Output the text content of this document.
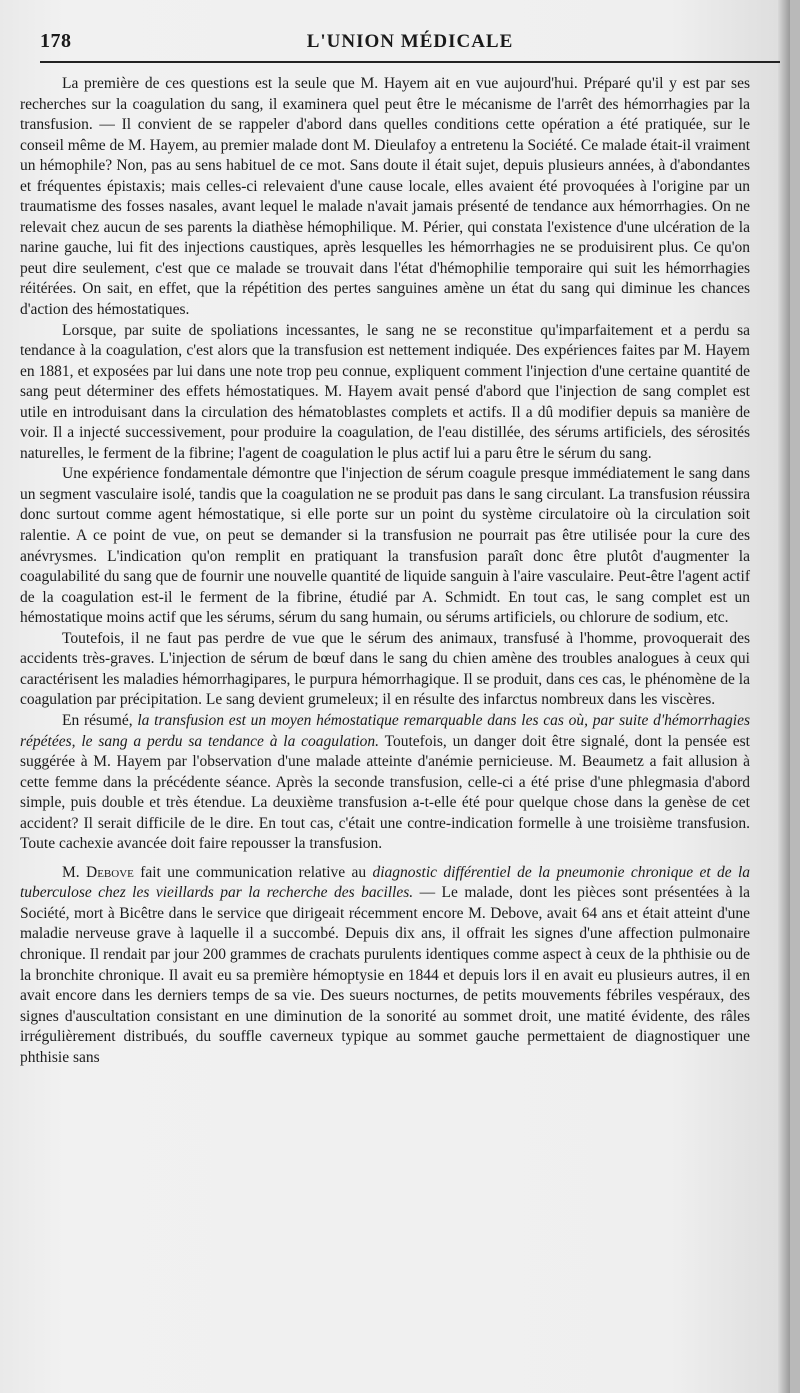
178	L'UNION MÉDICALE

La première de ces questions est la seule que M. Hayem ait en vue aujourd'hui. Préparé qu'il y est par ses recherches sur la coagulation du sang, il examinera quel peut être le mécanisme de l'arrêt des hémorrhagies par la transfusion. — Il convient de se rappeler d'abord dans quelles conditions cette opération a été pratiquée, sur le conseil même de M. Hayem, au premier malade dont M. Dieulafoy a entretenu la Société. Ce malade était-il vraiment un hémophile? Non, pas au sens habituel de ce mot. Sans doute il était sujet, depuis plusieurs années, à d'abondantes et fréquentes épistaxis; mais celles-ci relevaient d'une cause locale, elles avaient été provoquées à l'origine par un traumatisme des fosses nasales, avant lequel le malade n'avait jamais présenté de tendance aux hémorrhagies. On ne relevait chez aucun de ses parents la diathèse hémophilique. M. Périer, qui constata l'existence d'une ulcération de la narine gauche, lui fit des injections caustiques, après lesquelles les hémorrhagies ne se produisirent plus. Ce qu'on peut dire seulement, c'est que ce malade se trouvait dans l'état d'hémophilie temporaire qui suit les hémorrhagies réitérées. On sait, en effet, que la répétition des pertes sanguines amène un état du sang qui diminue les chances d'action des hémostatiques.

Lorsque, par suite de spoliations incessantes, le sang ne se reconstitue qu'imparfaitement et a perdu sa tendance à la coagulation, c'est alors que la transfusion est nettement indiquée. Des expériences faites par M. Hayem en 1881, et exposées par lui dans une note trop peu connue, expliquent comment l'injection d'une certaine quantité de sang peut déterminer des effets hémostatiques. M. Hayem avait pensé d'abord que l'injection de sang complet est utile en introduisant dans la circulation des hématoblastes complets et actifs. Il a dû modifier depuis sa manière de voir. Il a injecté successivement, pour produire la coagulation, de l'eau distillée, des sérums artificiels, des sérosités naturelles, le ferment de la fibrine; l'agent de coagulation le plus actif lui a paru être le sérum du sang.

Une expérience fondamentale démontre que l'injection de sérum coagule presque immédiatement le sang dans un segment vasculaire isolé, tandis que la coagulation ne se produit pas dans le sang circulant. La transfusion réussira donc surtout comme agent hémostatique, si elle porte sur un point du système circulatoire où la circulation soit ralentie. A ce point de vue, on peut se demander si la transfusion ne pourrait pas être utilisée pour la cure des anévrysmes. L'indication qu'on remplit en pratiquant la transfusion paraît donc être plutôt d'augmenter la coagulabilité du sang que de fournir une nouvelle quantité de liquide sanguin à l'aire vasculaire. Peut-être l'agent actif de la coagulation est-il le ferment de la fibrine, étudié par A. Schmidt. En tout cas, le sang complet est un hémostatique moins actif que les sérums, sérum du sang humain, ou sérums artificiels, ou chlorure de sodium, etc.

Toutefois, il ne faut pas perdre de vue que le sérum des animaux, transfusé à l'homme, provoquerait des accidents très-graves. L'injection de sérum de bœuf dans le sang du chien amène des troubles analogues à ceux qui caractérisent les maladies hémorrhagipares, le purpura hémorrhagique. Il se produit, dans ces cas, le phénomène de la coagulation par précipitation. Le sang devient grumeleux; il en résulte des infarctus nombreux dans les viscères.

En résumé, la transfusion est un moyen hémostatique remarquable dans les cas où, par suite d'hémorrhagies répétées, le sang a perdu sa tendance à la coagulation. Toutefois, un danger doit être signalé, dont la pensée est suggérée à M. Hayem par l'observation d'une malade atteinte d'anémie pernicieuse. M. Beaumetz a fait allusion à cette femme dans la précédente séance. Après la seconde transfusion, celle-ci a été prise d'une phlegmasia d'abord simple, puis double et très étendue. La deuxième transfusion a-t-elle été pour quelque chose dans la genèse de cet accident? Il serait difficile de le dire. En tout cas, c'était une contre-indication formelle à une troisième transfusion. Toute cachexie avancée doit faire repousser la transfusion.

M. Debove fait une communication relative au diagnostic différentiel de la pneumonie chronique et de la tuberculose chez les vieillards par la recherche des bacilles. — Le malade, dont les pièces sont présentées à la Société, mort à Bicêtre dans le service que dirigeait récemment encore M. Debove, avait 64 ans et était atteint d'une maladie nerveuse grave à laquelle il a succombé. Depuis dix ans, il offrait les signes d'une affection pulmonaire chronique. Il rendait par jour 200 grammes de crachats purulents identiques comme aspect à ceux de la phthisie ou de la bronchite chronique. Il avait eu sa première hémoptysie en 1844 et depuis lors il en avait eu plusieurs autres, il en avait encore dans les derniers temps de sa vie. Des sueurs nocturnes, de petits mouvements fébriles vespéraux, des signes d'auscultation consistant en une diminution de la sonorité au sommet droit, une matité évidente, des râles irrégulièrement distribués, du souffle caverneux typique au sommet gauche permettaient de diagnostiquer une phthisie sans
